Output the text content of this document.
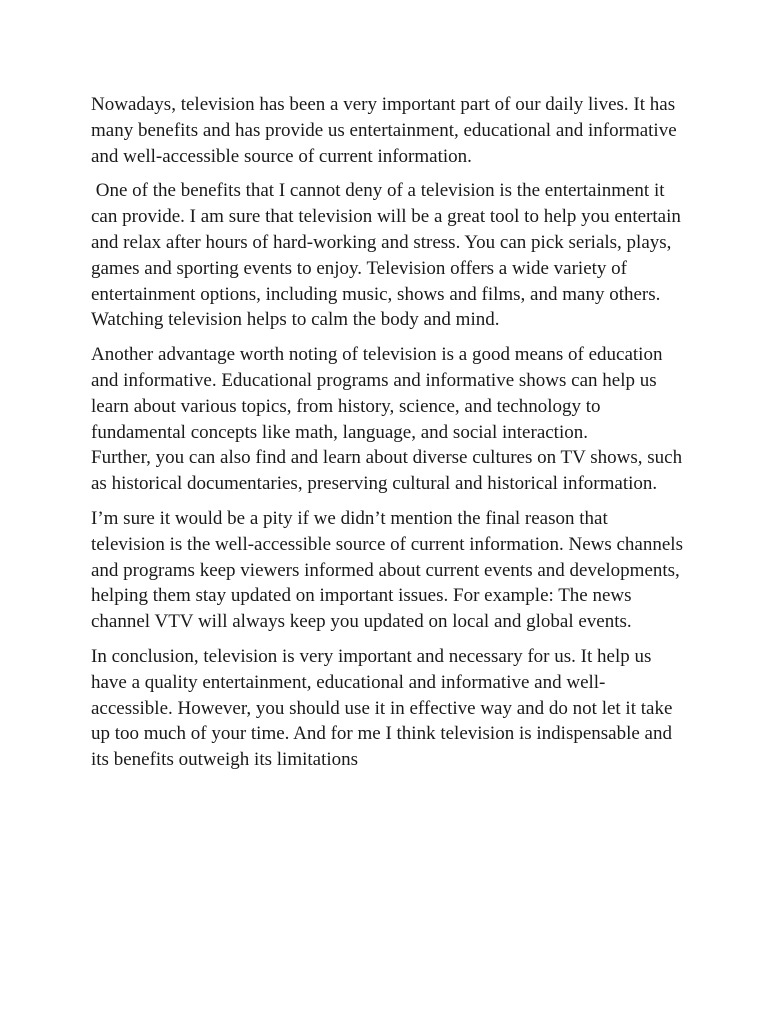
Nowadays, television has been a very important part of our daily lives. It has many benefits and has provide us entertainment, educational and informative and well-accessible source of current information.

One of the benefits that I cannot deny of a television is the entertainment it can provide. I am sure that television will be a great tool to help you entertain and relax after hours of hard-working and stress. You can pick serials, plays, games and sporting events to enjoy. Television offers a wide variety of entertainment options, including music, shows and films, and many others. Watching television helps to calm the body and mind.

Another advantage worth noting of television is a good means of education and informative. Educational programs and informative shows can help us learn about various topics, from history, science, and technology to fundamental concepts like math, language, and social interaction.

Further, you can also find and learn about diverse cultures on TV shows, such as historical documentaries, preserving cultural and historical information.

I’m sure it would be a pity if we didn’t mention the final reason that television is the well-accessible source of current information. News channels and programs keep viewers informed about current events and developments, helping them stay updated on important issues. For example: The news channel VTV will always keep you updated on local and global events.

In conclusion, television is very important and necessary for us. It help us have a quality entertainment, educational and informative and well-accessible. However, you should use it in effective way and do not let it take up too much of your time. And for me I think television is indispensable and its benefits outweigh its limitations
